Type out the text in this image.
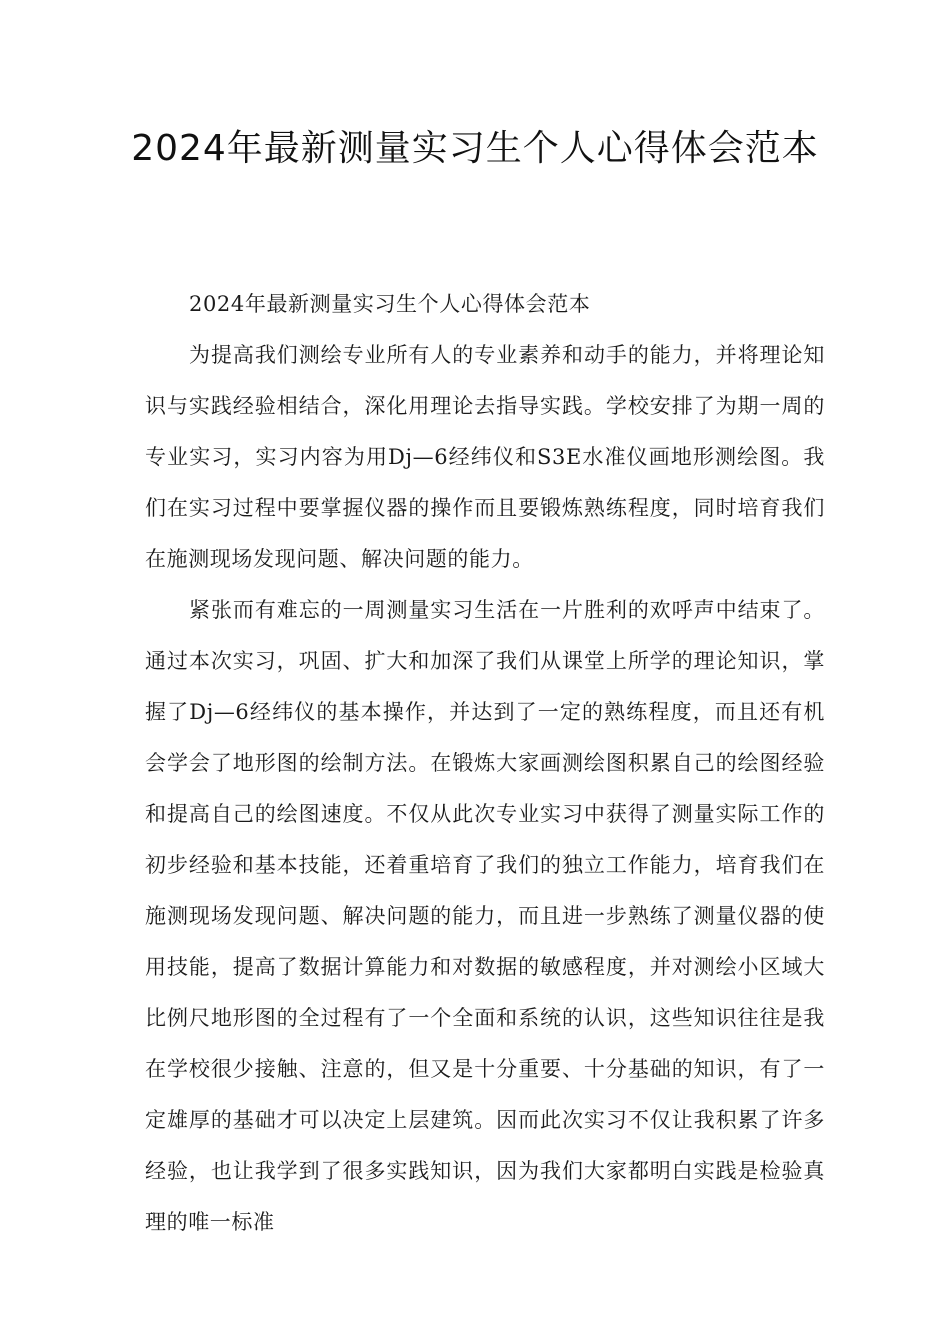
2024年最新测量实习生个人心得体会范本

2024年最新测量实习生个人心得体会范本

为提高我们测绘专业所有人的专业素养和动手的能力，并将理论知识与实践经验相结合，深化用理论去指导实践。学校安排了为期一周的专业实习，实习内容为用Dj—6经纬仪和S3E水准仪画地形测绘图。我们在实习过程中要掌握仪器的操作而且要锻炼熟练程度，同时培育我们在施测现场发现问题、解决问题的能力。

紧张而有难忘的一周测量实习生活在一片胜利的欢呼声中结束了。通过本次实习，巩固、扩大和加深了我们从课堂上所学的理论知识，掌握了Dj—6经纬仪的基本操作，并达到了一定的熟练程度，而且还有机会学会了地形图的绘制方法。在锻炼大家画测绘图积累自己的绘图经验和提高自己的绘图速度。不仅从此次专业实习中获得了测量实际工作的初步经验和基本技能，还着重培育了我们的独立工作能力，培育我们在施测现场发现问题、解决问题的能力，而且进一步熟练了测量仪器的使用技能，提高了数据计算能力和对数据的敏感程度，并对测绘小区域大比例尺地形图的全过程有了一个全面和系统的认识，这些知识往往是我在学校很少接触、注意的，但又是十分重要、十分基础的知识，有了一定雄厚的基础才可以决定上层建筑。因而此次实习不仅让我积累了许多经验，也让我学到了很多实践知识，因为我们大家都明白实践是检验真理的唯一标准
